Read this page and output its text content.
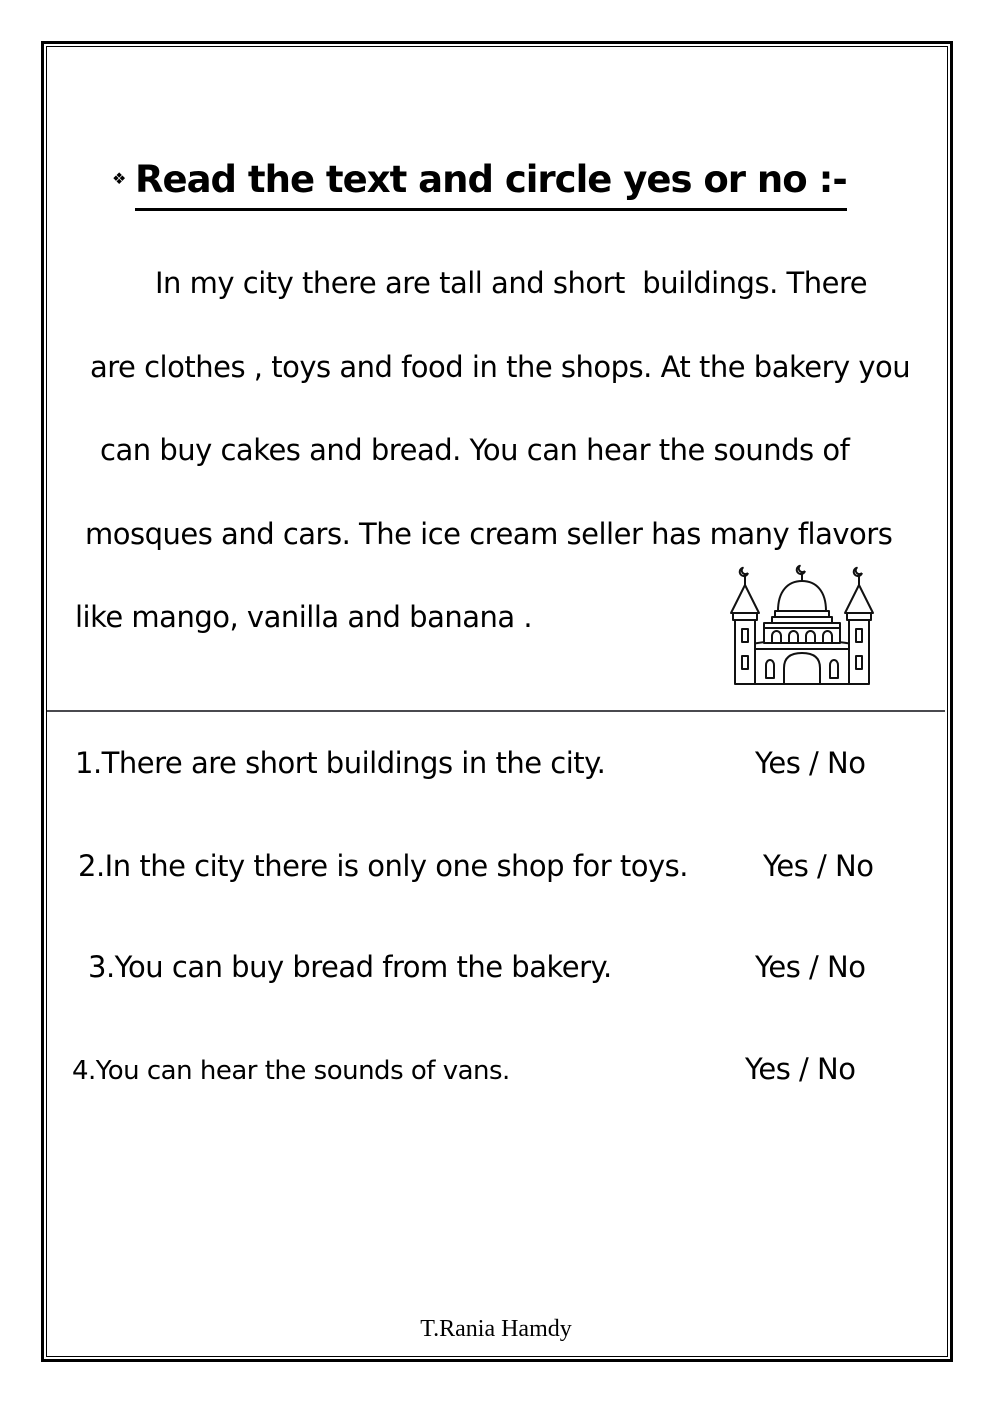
❖ Read the text and circle yes or no :-
In my city there are tall and short  buildings. There
are clothes , toys and food in the shops. At the bakery you
can buy cakes and bread. You can hear the sounds of
mosques and cars. The ice cream seller has many flavors
like mango, vanilla and banana .
1.There are short buildings in the city.	Yes / No
2.In the city there is only one shop for toys.	Yes / No
3.You can buy bread from the bakery.	Yes / No
4.You can hear the sounds of vans.	Yes / No
T.Rania Hamdy
